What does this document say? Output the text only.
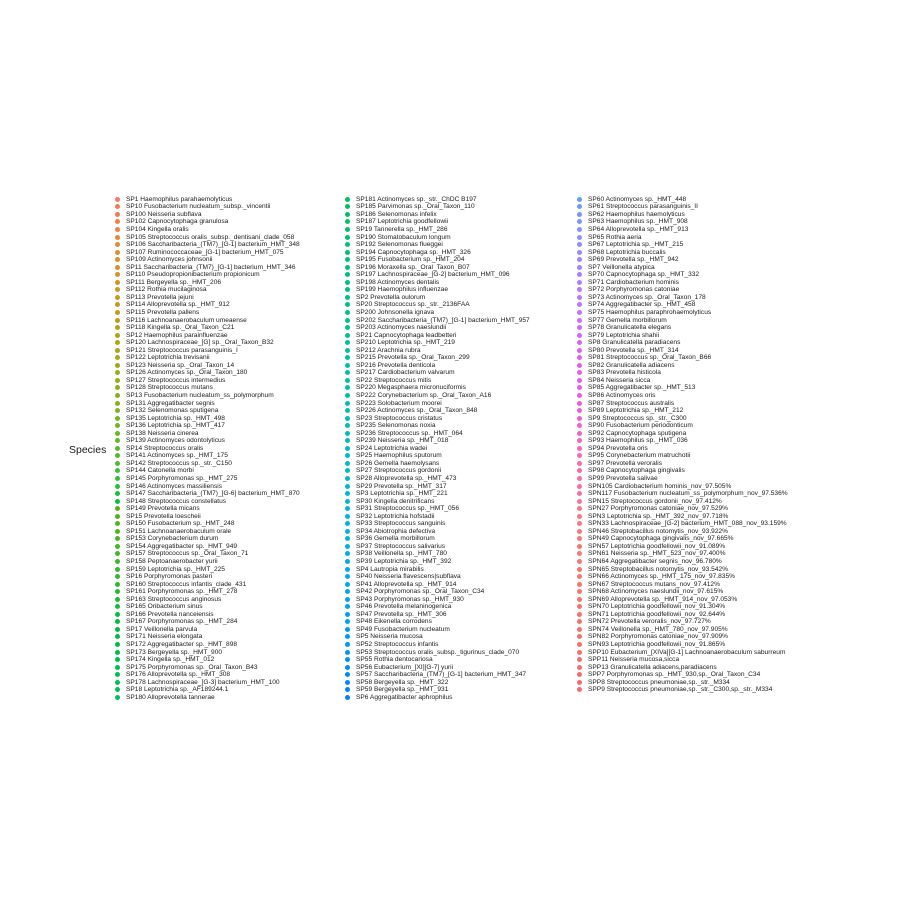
Species
SP1 Haemophilus parahaemolyticus
SP10 Fusobacterium nucleatum_subsp._vincentii
SP100 Neisseria subflava
SP102 Capnocytophaga granulosa
SP104 Kingella oralis
SP105 Streptococcus oralis_subsp._dentisani_clade_058
SP106 Saccharibacteria_(TM7)_[G-1] bacterium_HMT_348
SP107 Ruminococcaceae_[G-1] bacterium_HMT_075
SP109 Actinomyces johnsonii
SP11 Saccharibacteria_(TM7)_[G-1] bacterium_HMT_346
SP110 Pseudopropionibacterium propionicum
SP111 Bergeyella sp._HMT_206
SP112 Rothia mucilaginosa
SP113 Prevotella jejuni
SP114 Alloprevotella sp._HMT_912
SP115 Prevotella pallens
SP116 Lachnoanaerobaculum umeaense
SP118 Kingella sp._Oral_Taxon_C21
SP12 Haemophilus parainfluenzae
SP120 Lachnospiraceae_[G] sp._Oral_Taxon_B32
SP121 Streptococcus parasanguinis_I
SP122 Leptotrichia trevisanii
SP123 Neisseria sp._Oral_Taxon_14
SP126 Actinomyces sp._Oral_Taxon_180
SP127 Streptococcus intermedius
SP128 Streptococcus mutans
SP13 Fusobacterium nucleatum_ss_polymorphum
SP131 Aggregatibacter segnis
SP132 Selenomonas sputigena
SP135 Leptotrichia sp._HMT_498
SP136 Leptotrichia sp._HMT_417
SP138 Neisseria cinerea
SP139 Actinomyces odontolyticus
SP14 Streptococcus oralis
SP141 Actinomyces sp._HMT_175
SP142 Streptococcus sp._str._C150
SP144 Catonella morbi
SP145 Porphyromonas sp._HMT_275
SP146 Actinomyces massiliensis
SP147 Saccharibacteria_(TM7)_[G-6] bacterium_HMT_870
SP148 Streptococcus constellatus
SP149 Prevotella micans
SP15 Prevotella loescheii
SP150 Fusobacterium sp._HMT_248
SP151 Lachnoanaerobaculum orale
SP153 Corynebacterium durum
SP154 Aggregatibacter sp._HMT_949
SP157 Streptococcus sp._Oral_Taxon_71
SP158 Peptoanaerobacter yurii
SP159 Leptotrichia sp._HMT_225
SP16 Porphyromonas pasteri
SP160 Streptococcus infantis_clade_431
SP161 Porphyromonas sp._HMT_278
SP163 Streptococcus anginosus
SP165 Oribacterium sinus
SP166 Prevotella nanceiensis
SP167 Porphyromonas sp._HMT_284
SP17 Veillonella parvula
SP171 Neisseria elongata
SP172 Aggregatibacter sp._HMT_898
SP173 Bergeyella sp._HMT_900
SP174 Kingella sp._HMT_012
SP175 Porphyromonas sp._Oral_Taxon_B43
SP176 Alloprevotella sp._HMT_308
SP178 Lachnospiraceae_[G-3] bacterium_HMT_100
SP18 Leptotrichia sp._AF189244.1
SP180 Alloprevotella tannerae
SP181 Actinomyces sp._str._ChDC B197
SP185 Parvimonas sp._Oral_Taxon_110
SP186 Selenomonas infelix
SP187 Leptotrichia goodfellowii
SP19 Tannerella sp._HMT_286
SP190 Stomatobaculum longum
SP192 Selenomonas flueggei
SP194 Capnocytophaga sp._HMT_326
SP195 Fusobacterium sp._HMT_204
SP196 Moraxella sp._Oral_Taxon_B07
SP197 Lachnospiraceae_[G-2] bacterium_HMT_096
SP198 Actinomyces dentalis
SP199 Haemophilus influenzae
SP2 Prevotella oulorum
SP20 Streptococcus sp._str._2136FAA
SP200 Johnsonella ignava
SP202 Saccharibacteria_(TM7)_[G-1] bacterium_HMT_957
SP203 Actinomyces naeslundii
SP21 Capnocytophaga leadbetteri
SP210 Leptotrichia sp._HMT_219
SP212 Arachnia rubra
SP215 Prevotella sp._Oral_Taxon_299
SP216 Prevotella denticola
SP217 Cardiobacterium valvarum
SP22 Streptococcus mitis
SP220 Megasphaera micronuciformis
SP222 Corynebacterium sp._Oral_Taxon_A16
SP223 Solobacterium moorei
SP226 Actinomyces sp._Oral_Taxon_848
SP23 Streptococcus cristatus
SP235 Selenomonas noxia
SP236 Streptococcus sp._HMT_064
SP239 Neisseria sp._HMT_018
SP24 Leptotrichia wadei
SP25 Haemophilus sputorum
SP26 Gemella haemolysans
SP27 Streptococcus gordonii
SP28 Alloprevotella sp._HMT_473
SP29 Prevotella sp._HMT_317
SP3 Leptotrichia sp._HMT_221
SP30 Kingella denitrificans
SP31 Streptococcus sp._HMT_056
SP32 Leptotrichia hofstadii
SP33 Streptococcus sanguinis
SP34 Abiotrophia defectiva
SP36 Gemella morbillorum
SP37 Streptococcus salivarius
SP38 Veillonella sp._HMT_780
SP39 Leptotrichia sp._HMT_392
SP4 Lautropia mirabilis
SP40 Neisseria flavescens|subflava
SP41 Alloprevotella sp._HMT_914
SP42 Porphyromonas sp._Oral_Taxon_C34
SP43 Porphyromonas sp._HMT_930
SP46 Prevotella melaninogenica
SP47 Prevotella sp._HMT_306
SP48 Eikenella corrodens
SP49 Fusobacterium nucleatum
SP5 Neisseria mucosa
SP52 Streptococcus infantis
SP53 Streptococcus oralis_subsp._tigurinus_clade_070
SP55 Rothia dentocariosa
SP56 Eubacterium_[XI][G-7] yurii
SP57 Saccharibacteria_(TM7)_[G-1] bacterium_HMT_347
SP58 Bergeyella sp._HMT_322
SP59 Bergeyella sp._HMT_931
SP6 Aggregatibacter aphrophilus
SP60 Actinomyces sp._HMT_448
SP61 Streptococcus parasanguinis_II
SP62 Haemophilus haemolyticus
SP63 Haemophilus sp._HMT_908
SP64 Alloprevotella sp._HMT_913
SP65 Rothia aeria
SP67 Leptotrichia sp._HMT_215
SP68 Leptotrichia buccalis
SP69 Prevotella sp._HMT_942
SP7 Veillonella atypica
SP70 Capnocytophaga sp._HMT_332
SP71 Cardiobacterium hominis
SP72 Porphyromonas catoniae
SP73 Actinomyces sp._Oral_Taxon_178
SP74 Aggregatibacter sp._HMT_458
SP75 Haemophilus paraphrohaemolyticus
SP77 Gemella morbillorum
SP78 Granulicatella elegans
SP79 Leptotrichia shahii
SP8 Granulicatella paradiacens
SP80 Prevotella sp._HMT_314
SP81 Streptococcus sp._Oral_Taxon_B66
SP82 Granulicatella adiacens
SP83 Prevotella histicola
SP84 Neisseria sicca
SP85 Aggregatibacter sp._HMT_513
SP86 Actinomyces oris
SP87 Streptococcus australis
SP89 Leptotrichia sp._HMT_212
SP9 Streptococcus sp._str._C300
SP90 Fusobacterium periodonticum
SP92 Capnocytophaga sputigena
SP93 Haemophilus sp._HMT_036
SP94 Prevotella oris
SP95 Corynebacterium matruchotii
SP97 Prevotella veroralis
SP98 Capnocytophaga gingivalis
SP99 Prevotella salivae
SPN105 Cardiobacterium hominis_nov_97.505%
SPN117 Fusobacterium nucleatum_ss_polymorphum_nov_97.536%
SPN15 Streptococcus gordonii_nov_97.412%
SPN27 Porphyromonas catoniae_nov_97.529%
SPN3 Leptotrichia sp._HMT_392_nov_97.718%
SPN33 Lachnospiraceae_[G-2] bacterium_HMT_088_nov_93.159%
SPN46 Streptobacillus notomytis_nov_93.922%
SPN49 Capnocytophaga gingivalis_nov_97.665%
SPN57 Leptotrichia goodfellowii_nov_91.089%
SPN61 Neisseria sp._HMT_523_nov_97.400%
SPN64 Aggregatibacter segnis_nov_96.780%
SPN65 Streptobacillus notomytis_nov_93.542%
SPN66 Actinomyces sp._HMT_175_nov_97.835%
SPN67 Streptococcus mutans_nov_97.412%
SPN68 Actinomyces naeslundii_nov_97.615%
SPN69 Alloprevotella sp._HMT_914_nov_97.053%
SPN70 Leptotrichia goodfellowii_nov_91.304%
SPN71 Leptotrichia goodfellowii_nov_92.644%
SPN72 Prevotella veroralis_nov_97.727%
SPN74 Veillonella sp._HMT_780_nov_97.905%
SPN82 Porphyromonas catoniae_nov_97.909%
SPN93 Leptotrichia goodfellowii_nov_91.865%
SPP10 Eubacterium_[XIVa][G-1] Lachnoanaerobaculum saburreum
SPP11 Neisseria mucosa,sicca
SPP13 Granulicatella adiacens,paradiacens
SPP7 Porphyromonas sp._HMT_930,sp._Oral_Taxon_C34
SPP8 Streptococcus pneumoniae,sp._str._M334
SPP9 Streptococcus pneumoniae,sp._str._C300,sp._str._M334
